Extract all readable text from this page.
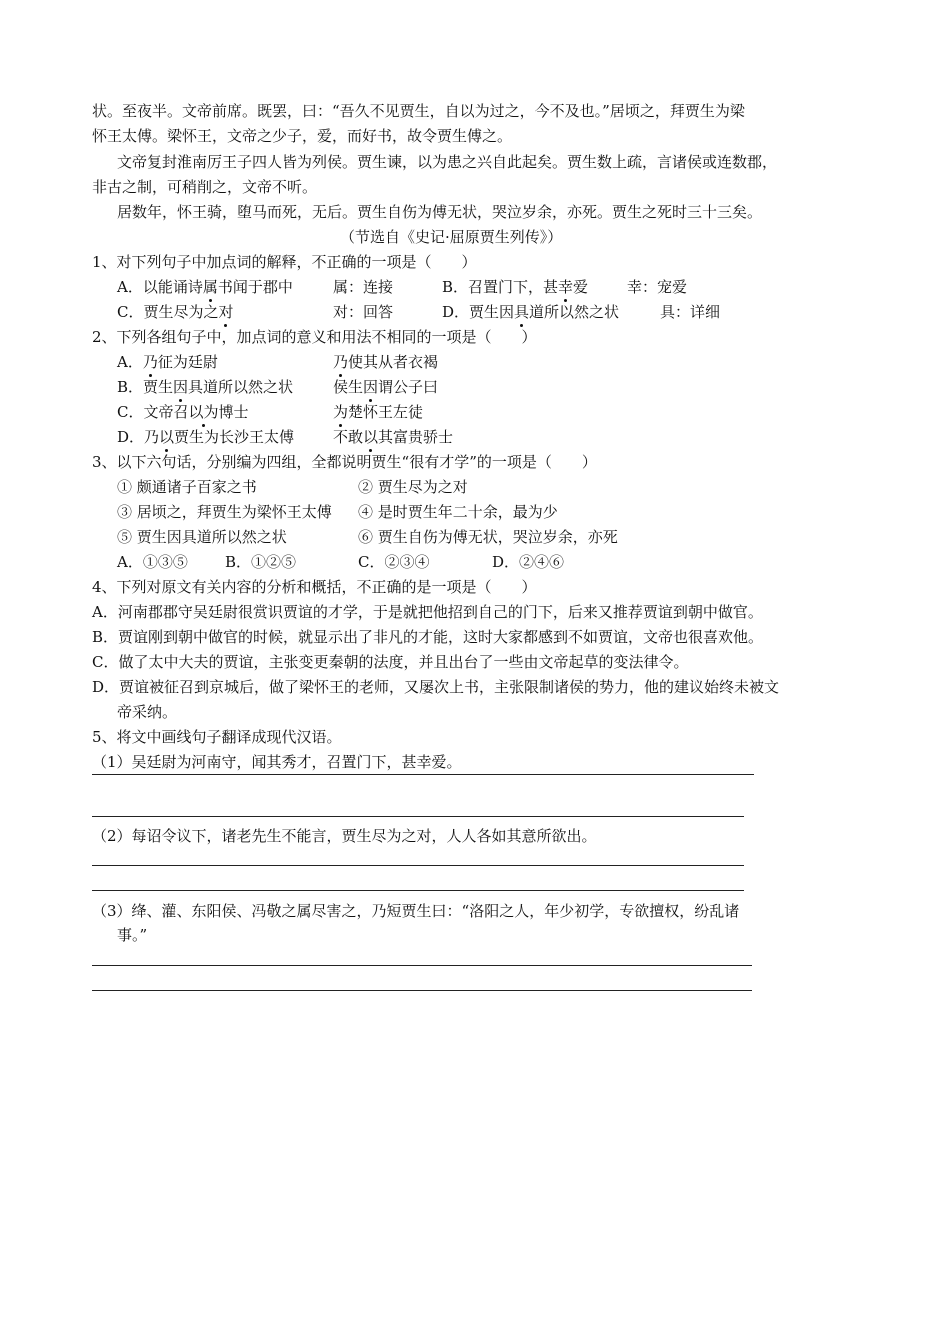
状。至夜半。文帝前席。既罢，曰：“吾久不见贾生，自以为过之，今不及也。”居顷之，拜贾生为梁
怀王太傅。梁怀王，文帝之少子，爱，而好书，故令贾生傅之。
文帝复封淮南厉王子四人皆为列侯。贾生谏，以为患之兴自此起矣。贾生数上疏，言诸侯或连数郡，
非古之制，可稍削之，文帝不听。
居数年，怀王骑，堕马而死，无后。贾生自伤为傅无状，哭泣岁余，亦死。贾生之死时三十三矣。
（节选自《史记·屈原贾生列传》）
1、对下列句子中加点词的解释，不正确的一项是（　　）
A．以能诵诗属书闻于郡中	属：连接	B．召置门下，甚幸爱	幸：宠爱
C．贾生尽为之对	对：回答	D．贾生因具道所以然之状	具：详细
2、下列各组句子中，加点词的意义和用法不相同的一项是（　　）
A．乃征为廷尉	乃使其从者衣褐
B．贾生因具道所以然之状	侯生因谓公子曰
C．文帝召以为博士	为楚怀王左徒
D．乃以贾生为长沙王太傅	不敢以其富贵骄士
3、以下六句话，分别编为四组，全都说明贾生“很有才学”的一项是（　　）
① 颇通诸子百家之书	② 贾生尽为之对
③ 居顷之，拜贾生为梁怀王太傅 ④ 是时贾生年二十余，最为少
⑤ 贾生因具道所以然之状	⑥ 贾生自伤为傅无状，哭泣岁余，亦死
A．①③⑤ B．①②⑤	C．②③④	D．②④⑥
4、下列对原文有关内容的分析和概括，不正确的是一项是（　　）
A．河南郡郡守吴廷尉很赏识贾谊的才学，于是就把他招到自己的门下，后来又推荐贾谊到朝中做官。
B．贾谊刚到朝中做官的时候，就显示出了非凡的才能，这时大家都感到不如贾谊，文帝也很喜欢他。
C．做了太中大夫的贾谊，主张变更秦朝的法度，并且出台了一些由文帝起草的变法律令。
D．贾谊被征召到京城后，做了梁怀王的老师，又屡次上书，主张限制诸侯的势力，他的建议始终未被文
帝采纳。
5、将文中画线句子翻译成现代汉语。
（1）吴廷尉为河南守，闻其秀才，召置门下，甚幸爱。
（2）每诏令议下，诸老先生不能言，贾生尽为之对，人人各如其意所欲出。
（3）绛、灌、东阳侯、冯敬之属尽害之，乃短贾生曰：“洛阳之人，年少初学，专欲擅权，纷乱诸
事。”
